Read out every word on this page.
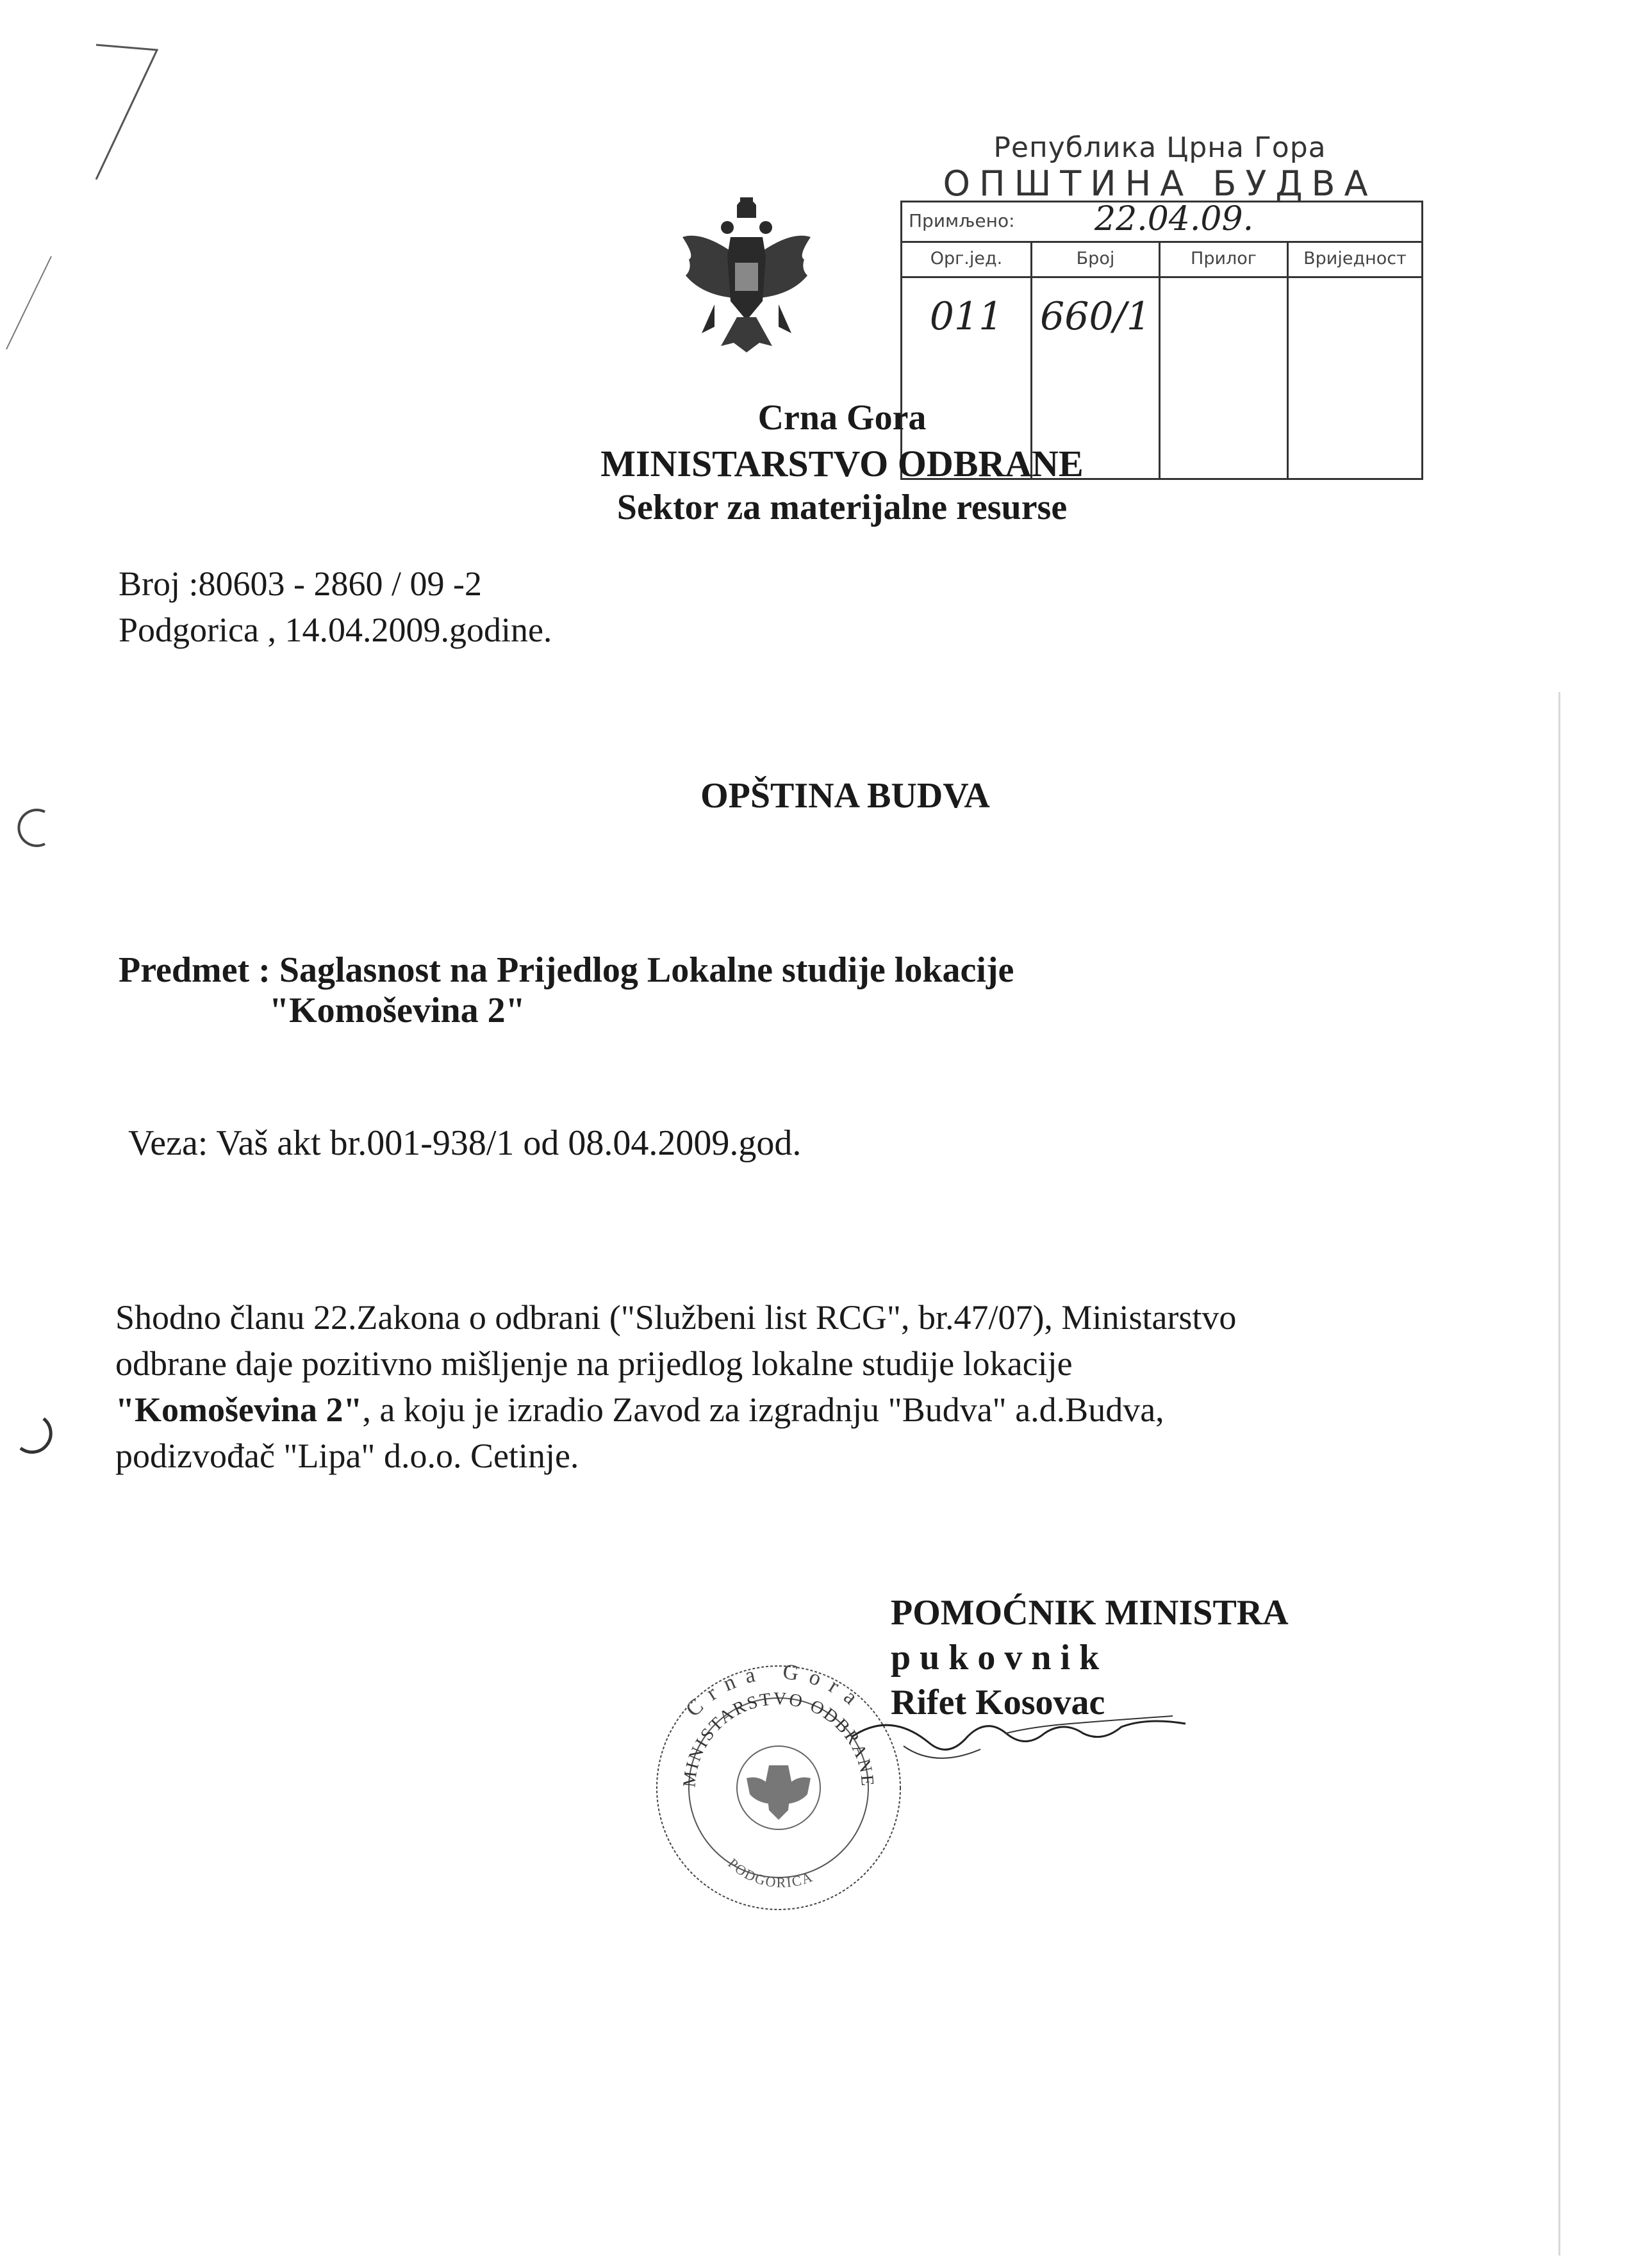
Република Црна Гора
ОПШТИНА БУДВА
Примљено: 22.04.09.
Орг.јед.	Број	Прилог	Вриједност
011 660/1
Crna Gora
MINISTARSTVO ODBRANE
Sektor za materijalne resurse
Broj :80603 - 2860 / 09 -2
Podgorica , 14.04.2009.godine.
OPŠTINA BUDVA
Predmet : Saglasnost na Prijedlog Lokalne studije lokacije
"Komoševina 2"
Veza: Vaš akt br.001-938/1 od 08.04.2009.god.
Shodno članu 22.Zakona o odbrani ("Službeni list RCG", br.47/07), Ministarstvo
odbrane daje pozitivno mišljenje na prijedlog lokalne studije lokacije
"Komoševina 2", a koju je izradio Zavod za izgradnju "Budva" a.d.Budva,
podizvođač "Lipa" d.o.o. Cetinje.
POMOĆNIK MINISTRA
pukovnik
Rifet Kosovac
Crna Gora
MINISTARSTVO ODBRANE
PODGORICA
